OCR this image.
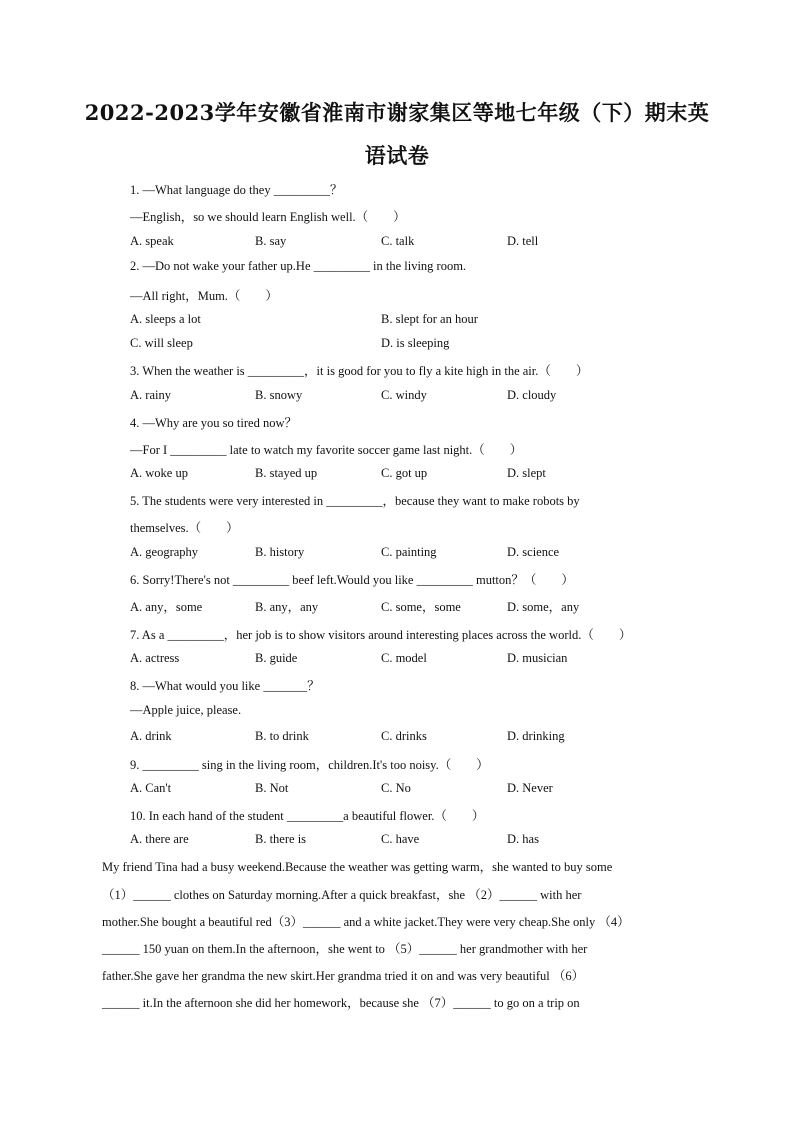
2022-2023学年安徽省淮南市谢家集区等地七年级（下）期末英
语试卷
1. —What language do they _________？
—English，so we should learn English well.（　　）
A. speak	B. say	C. talk	D. tell
2. —Do not wake your father up.He _________ in the living room.
—All right，Mum.（　　）
A. sleeps a lot	B. slept for an hour
C. will sleep	D. is sleeping
3. When the weather is _________，it is good for you to fly a kite high in the air.（　　）
A. rainy	B. snowy	C. windy	D. cloudy
4. —Why are you so tired now？
—For I _________ late to watch my favorite soccer game last night.（　　）
A. woke up	B. stayed up	C. got up	D. slept
5. The students were very interested in _________，because they want to make robots by
themselves.（　　）
A. geography	B. history	C. painting	D. science
6. Sorry!There's not _________ beef left.Would you like _________ mutton？（　　）
A. any，some	B. any，any	C. some，some	D. some，any
7. As a _________，her job is to show visitors around interesting places across the world.（　　）
A. actress	B. guide	C. model	D. musician
8. —What would you like _______？
—Apple juice, please.
A. drink	B. to drink	C. drinks	D. drinking
9. _________ sing in the living room，children.It's too noisy.（　　）
A. Can't	B. Not	C. No	D. Never
10. In each hand of the student _________a beautiful flower.（　　）
A. there are	B. there is	C. have	D. has
My friend Tina had a busy weekend.Because the weather was getting warm，she wanted to buy some
（1）______ clothes on Saturday morning.After a quick breakfast，she （2）______ with her
mother.She bought a beautiful red（3）______ and a white jacket.They were very cheap.She only （4）
______ 150 yuan on them.In the afternoon，she went to （5）______ her grandmother with her
father.She gave her grandma the new skirt.Her grandma tried it on and was very beautiful （6）
______ it.In the afternoon she did her homework，because she （7）______ to go on a trip on
